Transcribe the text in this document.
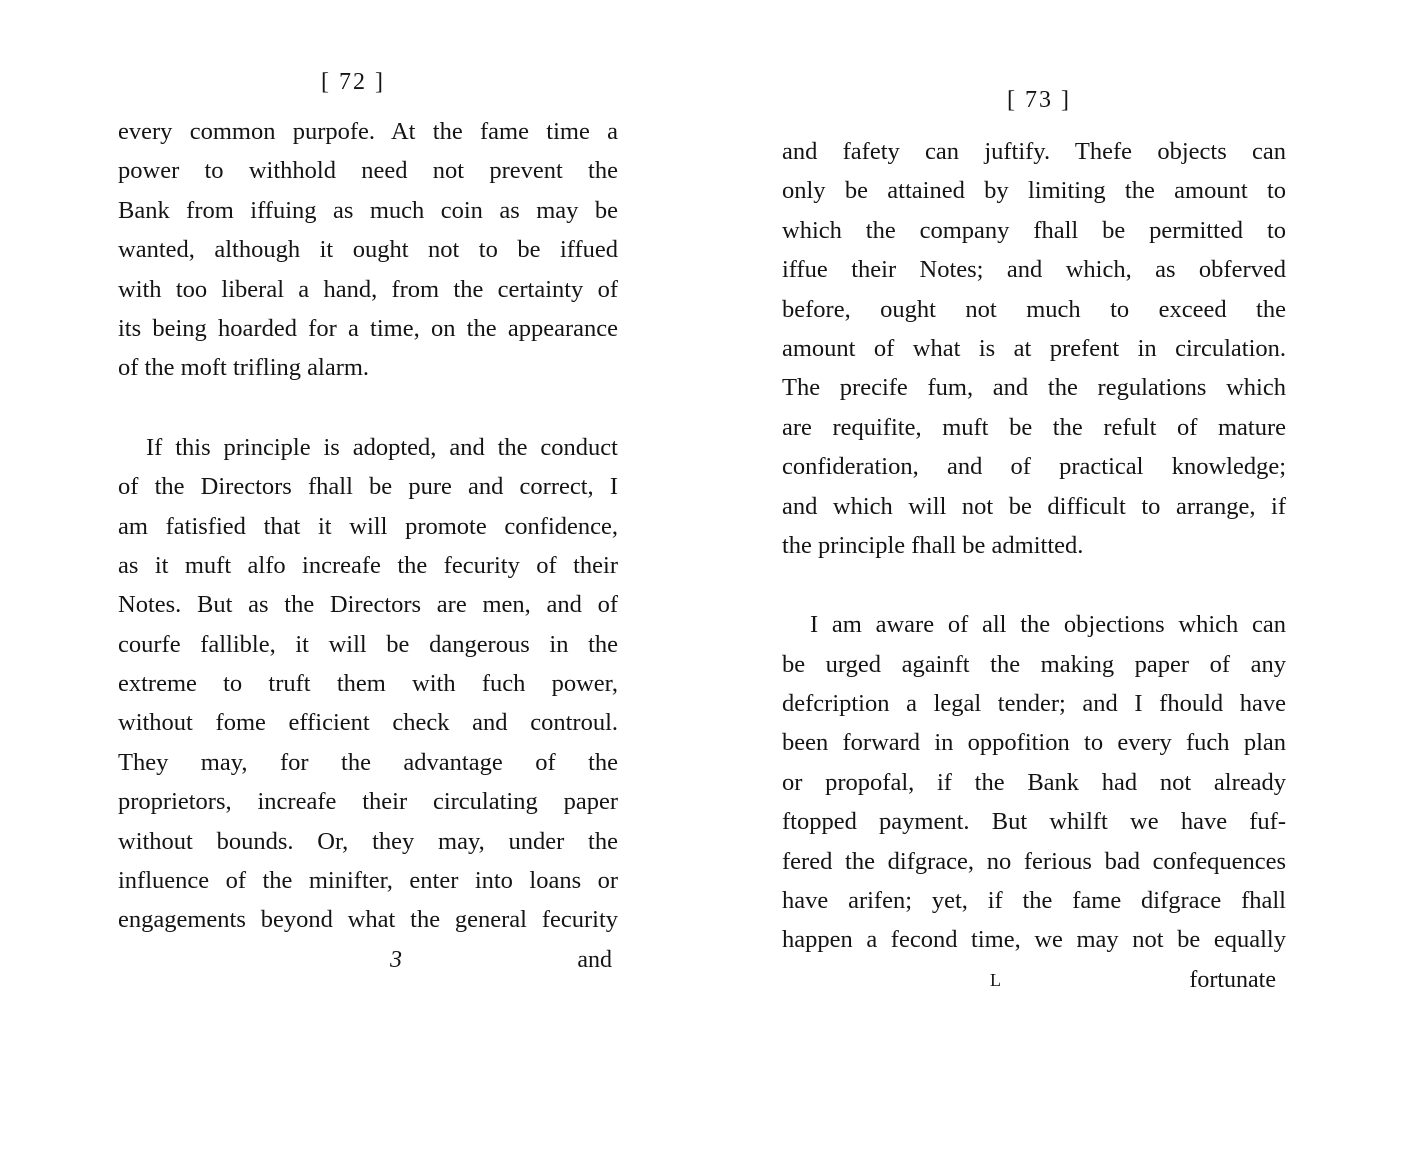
[ 72 ]
every common purpofe. At the fame time a
power to withhold need not prevent the
Bank from iffuing as much coin as may be
wanted, although it ought not to be iffued
with too liberal a hand, from the certainty of
its being hoarded for a time, on the appearance
of the moft trifling alarm.
If this principle is adopted, and the conduct
of the Directors fhall be pure and correct, I
am fatisfied that it will promote confidence,
as it muft alfo increafe the fecurity of their
Notes. But as the Directors are men, and of
courfe fallible, it will be dangerous in the
extreme to truft them with fuch power,
without fome efficient check and controul.
They may, for the advantage of the
proprietors, increafe their circulating paper
without bounds. Or, they may, under the
influence of the minifter, enter into loans or
engagements beyond what the general fecurity
3	and
[ 73 ]
and fafety can juftify. Thefe objects can
only be attained by limiting the amount to
which the company fhall be permitted to
iffue their Notes; and which, as obferved
before, ought not much to exceed the
amount of what is at prefent in circulation.
The precife fum, and the regulations which
are requifite, muft be the refult of mature
confideration, and of practical knowledge;
and which will not be difficult to arrange, if
the principle fhall be admitted.
I am aware of all the objections which can
be urged againft the making paper of any
defcription a legal tender; and I fhould have
been forward in oppofition to every fuch plan
or propofal, if the Bank had not already
ftopped payment. But whilft we have fuf-
fered the difgrace, no ferious bad confequences
have arifen; yet, if the fame difgrace fhall
happen a fecond time, we may not be equally
L	fortunate
